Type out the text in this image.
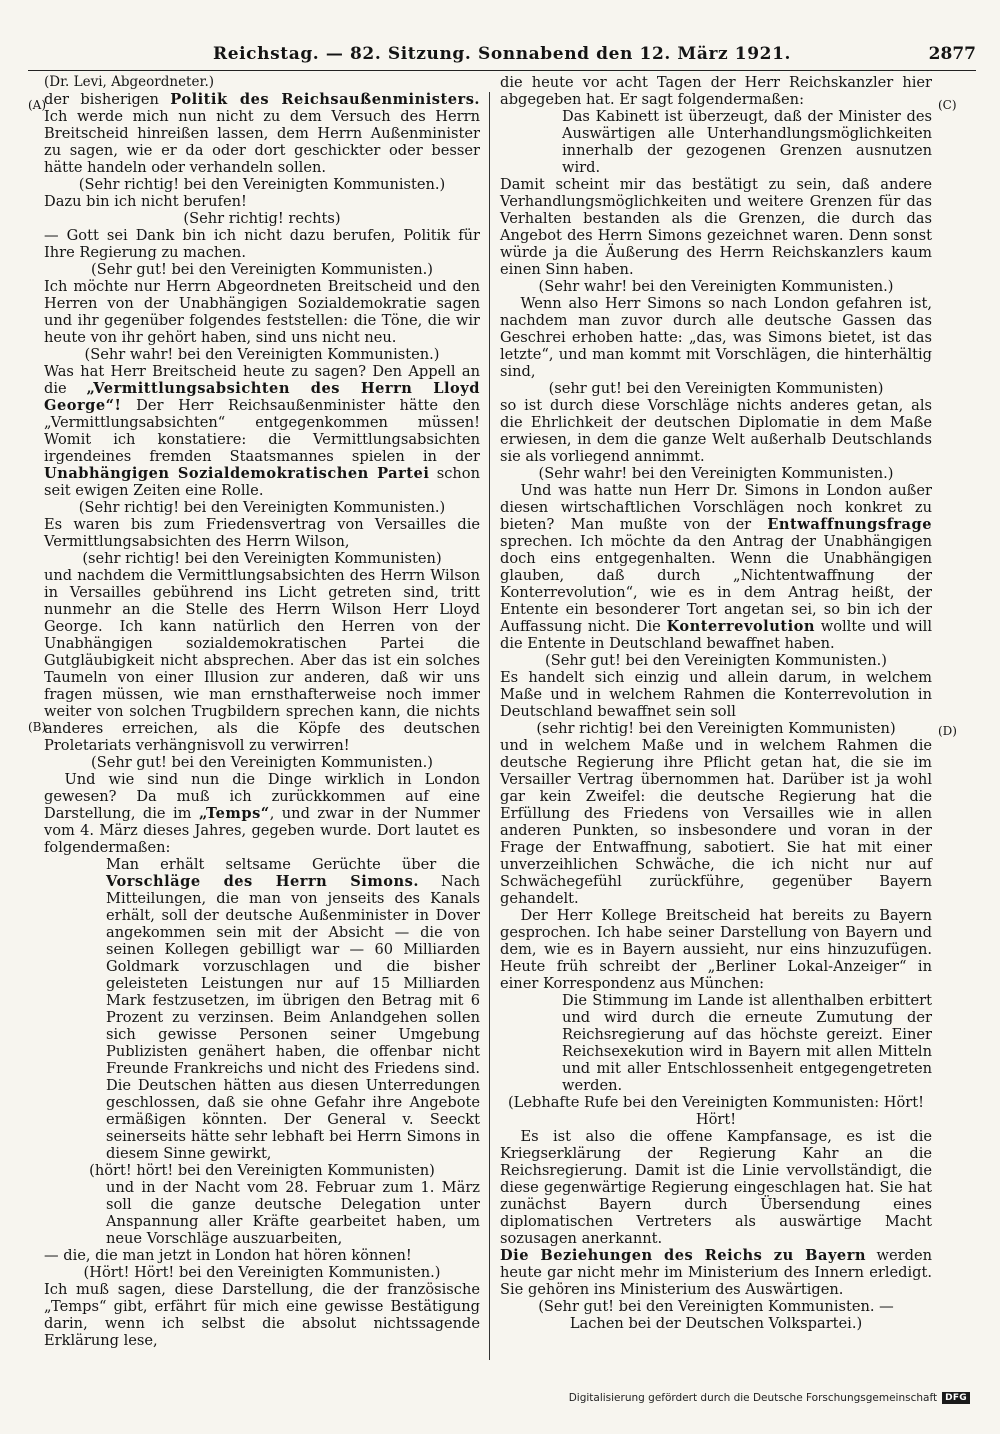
Reichstag. — 82. Sitzung. Sonnabend den 12. März 1921.	2877
(A)
(B)
(C)
(D)

(Dr. Levi, Abgeordneter.)

der bisherigen Politik des Reichsaußenministers. Ich werde mich nun nicht zu dem Versuch des Herrn Breitscheid hinreißen lassen, dem Herrn Außenminister zu sagen, wie er da oder dort geschickter oder besser hätte handeln oder verhandeln sollen.

(Sehr richtig! bei den Vereinigten Kommunisten.)

Dazu bin ich nicht berufen!

(Sehr richtig! rechts)

— Gott sei Dank bin ich nicht dazu berufen, Politik für Ihre Regierung zu machen.

(Sehr gut! bei den Vereinigten Kommunisten.)

Ich möchte nur Herrn Abgeordneten Breitscheid und den Herren von der Unabhängigen Sozialdemokratie sagen und ihr gegenüber folgendes feststellen: die Töne, die wir heute von ihr gehört haben, sind uns nicht neu.

(Sehr wahr! bei den Vereinigten Kommunisten.)

Was hat Herr Breitscheid heute zu sagen? Den Appell an die „Vermittlungsabsichten des Herrn Lloyd George“! Der Herr Reichsaußenminister hätte den „Vermittlungsabsichten“ entgegenkommen müssen! Womit ich konstatiere: die Vermittlungsabsichten irgendeines fremden Staatsmannes spielen in der Unabhängigen Sozialdemokratischen Partei schon seit ewigen Zeiten eine Rolle.

(Sehr richtig! bei den Vereinigten Kommunisten.)

Es waren bis zum Friedensvertrag von Versailles die Vermittlungsabsichten des Herrn Wilson,

(sehr richtig! bei den Vereinigten Kommunisten)

und nachdem die Vermittlungsabsichten des Herrn Wilson in Versailles gebührend ins Licht getreten sind, tritt nunmehr an die Stelle des Herrn Wilson Herr Lloyd George. Ich kann natürlich den Herren von der Unabhängigen sozialdemokratischen Partei die Gutgläubigkeit nicht absprechen. Aber das ist ein solches Taumeln von einer Illusion zur anderen, daß wir uns fragen müssen, wie man ernsthafterweise noch immer weiter von solchen Trugbildern sprechen kann, die nichts anderes erreichen, als die Köpfe des deutschen Proletariats verhängnisvoll zu verwirren!

(Sehr gut! bei den Vereinigten Kommunisten.)

Und wie sind nun die Dinge wirklich in London gewesen? Da muß ich zurückkommen auf eine Darstellung, die im „Temps“, und zwar in der Nummer vom 4. März dieses Jahres, gegeben wurde. Dort lautet es folgendermaßen:

Man erhält seltsame Gerüchte über die Vorschläge des Herrn Simons. Nach Mitteilungen, die man von jenseits des Kanals erhält, soll der deutsche Außenminister in Dover angekommen sein mit der Absicht — die von seinen Kollegen gebilligt war — 60 Milliarden Goldmark vorzuschlagen und die bisher geleisteten Leistungen nur auf 15 Milliarden Mark festzusetzen, im übrigen den Betrag mit 6 Prozent zu verzinsen. Beim Anlandgehen sollen sich gewisse Personen seiner Umgebung Publizisten genähert haben, die offenbar nicht Freunde Frankreichs und nicht des Friedens sind. Die Deutschen hätten aus diesen Unterredungen geschlossen, daß sie ohne Gefahr ihre Angebote ermäßigen könnten. Der General v. Seeckt seinerseits hätte sehr lebhaft bei Herrn Simons in diesem Sinne gewirkt,

(hört! hört! bei den Vereinigten Kommunisten)

und in der Nacht vom 28. Februar zum 1. März soll die ganze deutsche Delegation unter Anspannung aller Kräfte gearbeitet haben, um neue Vorschläge auszuarbeiten,

— die, die man jetzt in London hat hören können!

(Hört! Hört! bei den Vereinigten Kommunisten.)

Ich muß sagen, diese Darstellung, die der französische „Temps“ gibt, erfährt für mich eine gewisse Bestätigung darin, wenn ich selbst die absolut nichtssagende Erklärung lese,

die heute vor acht Tagen der Herr Reichskanzler hier abgegeben hat. Er sagt folgendermaßen:

Das Kabinett ist überzeugt, daß der Minister des Auswärtigen alle Unterhandlungsmöglichkeiten innerhalb der gezogenen Grenzen ausnutzen wird.

Damit scheint mir das bestätigt zu sein, daß andere Verhandlungsmöglichkeiten und weitere Grenzen für das Verhalten bestanden als die Grenzen, die durch das Angebot des Herrn Simons gezeichnet waren. Denn sonst würde ja die Äußerung des Herrn Reichskanzlers kaum einen Sinn haben.

(Sehr wahr! bei den Vereinigten Kommunisten.)

Wenn also Herr Simons so nach London gefahren ist, nachdem man zuvor durch alle deutsche Gassen das Geschrei erhoben hatte: „das, was Simons bietet, ist das letzte“, und man kommt mit Vorschlägen, die hinterhältig sind,

(sehr gut! bei den Vereinigten Kommunisten)

so ist durch diese Vorschläge nichts anderes getan, als die Ehrlichkeit der deutschen Diplomatie in dem Maße erwiesen, in dem die ganze Welt außerhalb Deutschlands sie als vorliegend annimmt.

(Sehr wahr! bei den Vereinigten Kommunisten.)

Und was hatte nun Herr Dr. Simons in London außer diesen wirtschaftlichen Vorschlägen noch konkret zu bieten? Man mußte von der Entwaffnungsfrage sprechen. Ich möchte da den Antrag der Unabhängigen doch eins entgegenhalten. Wenn die Unabhängigen glauben, daß durch „Nichtentwaffnung der Konterrevolution“, wie es in dem Antrag heißt, der Entente ein besonderer Tort angetan sei, so bin ich der Auffassung nicht. Die Konterrevolution wollte und will die Entente in Deutschland bewaffnet haben.

(Sehr gut! bei den Vereinigten Kommunisten.)

Es handelt sich einzig und allein darum, in welchem Maße und in welchem Rahmen die Konterrevolution in Deutschland bewaffnet sein soll

(sehr richtig! bei den Vereinigten Kommunisten)

und in welchem Maße und in welchem Rahmen die deutsche Regierung ihre Pflicht getan hat, die sie im Versailler Vertrag übernommen hat. Darüber ist ja wohl gar kein Zweifel: die deutsche Regierung hat die Erfüllung des Friedens von Versailles wie in allen anderen Punkten, so insbesondere und voran in der Frage der Entwaffnung, sabotiert. Sie hat mit einer unverzeihlichen Schwäche, die ich nicht nur auf Schwächegefühl zurückführe, gegenüber Bayern gehandelt.

Der Herr Kollege Breitscheid hat bereits zu Bayern gesprochen. Ich habe seiner Darstellung von Bayern und dem, wie es in Bayern aussieht, nur eins hinzuzufügen. Heute früh schreibt der „Berliner Lokal-Anzeiger“ in einer Korrespondenz aus München:

Die Stimmung im Lande ist allenthalben erbittert und wird durch die erneute Zumutung der Reichsregierung auf das höchste gereizt. Einer Reichsexekution wird in Bayern mit allen Mitteln und mit aller Entschlossenheit entgegengetreten werden.

(Lebhafte Rufe bei den Vereinigten Kommunisten: Hört! Hört!

Es ist also die offene Kampfansage, es ist die Kriegserklärung der Regierung Kahr an die Reichsregierung. Damit ist die Linie vervollständigt, die diese gegenwärtige Regierung eingeschlagen hat. Sie hat zunächst Bayern durch Übersendung eines diplomatischen Vertreters als auswärtige Macht sozusagen anerkannt.

Die Beziehungen des Reichs zu Bayern werden heute gar nicht mehr im Ministerium des Innern erledigt. Sie gehören ins Ministerium des Auswärtigen.

(Sehr gut! bei den Vereinigten Kommunisten. —

Lachen bei der Deutschen Volkspartei.)

Digitalisierung gefördert durch die Deutsche Forschungsgemeinschaft DFG
